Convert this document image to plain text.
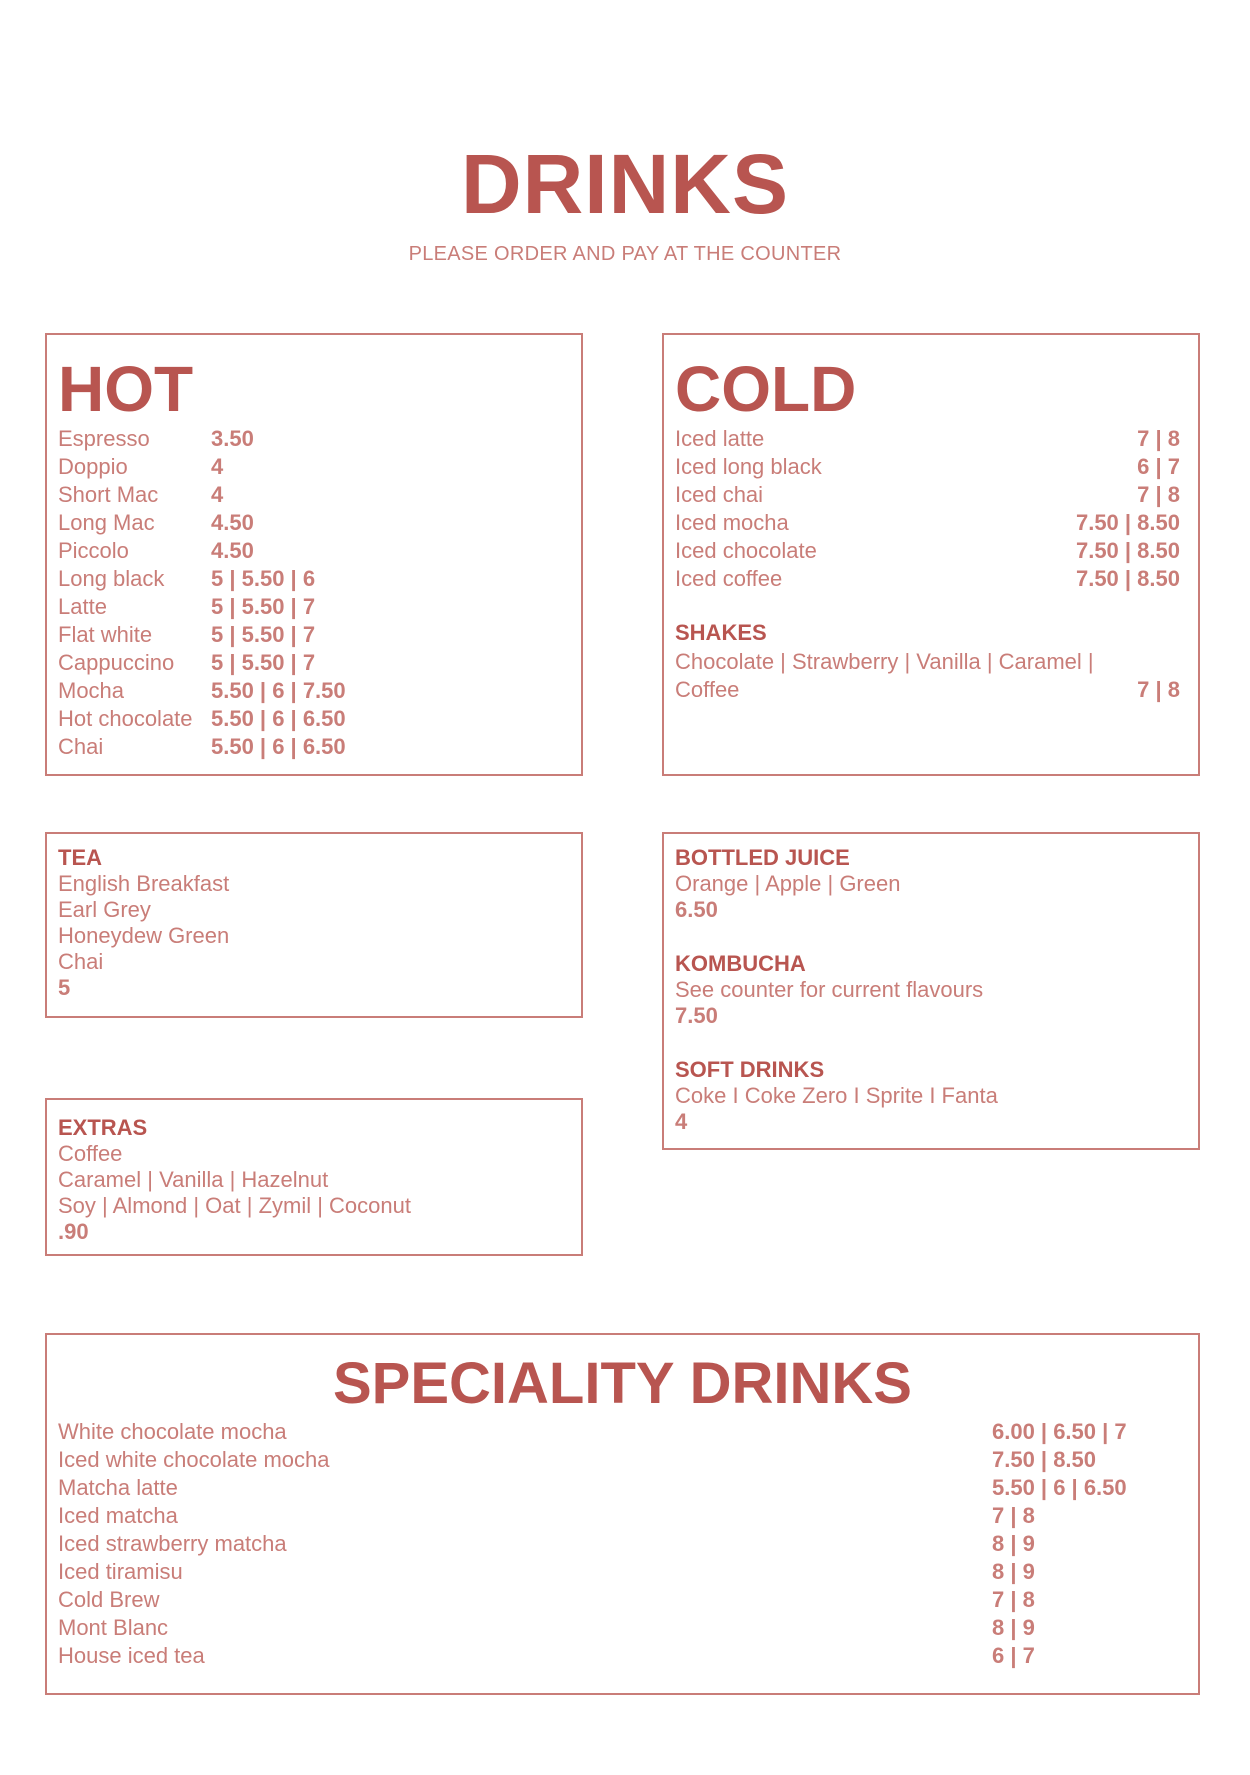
DRINKS
PLEASE ORDER AND PAY AT THE COUNTER
HOT
Espresso	3.50
Doppio	4
Short Mac 4
Long Mac	4.50
Piccolo	4.50
Long black 5 | 5.50 | 6
Latte	5 | 5.50 | 7
Flat white	5 | 5.50 | 7
Cappuccino 5 | 5.50 | 7
Mocha	5.50 | 6 | 7.50
Hot chocolate 5.50 | 6 | 6.50
Chai	5.50 | 6 | 6.50
COLD
Iced latte	7 | 8
Iced long black	6 | 7
Iced chai	7 | 8
Iced mocha	7.50 | 8.50
Iced chocolate	7.50 | 8.50
Iced coffee	7.50 | 8.50
SHAKES
Chocolate | Strawberry | Vanilla | Caramel |
Coffee	7 | 8
TEA
English Breakfast
Earl Grey
Honeydew Green
Chai
5
EXTRAS
Coffee
Caramel | Vanilla | Hazelnut
Soy | Almond | Oat | Zymil | Coconut
.90
BOTTLED JUICE
Orange | Apple | Green
6.50
KOMBUCHA
See counter for current flavours
7.50
SOFT DRINKS
Coke I Coke Zero I Sprite I Fanta
4
SPECIALITY DRINKS
White chocolate mocha	6.00 | 6.50 | 7
Iced white chocolate mocha	7.50 | 8.50
Matcha latte	5.50 | 6 | 6.50
Iced matcha	7 | 8
Iced strawberry matcha	8 | 9
Iced tiramisu	8 | 9
Cold Brew	7 | 8
Mont Blanc	8 | 9
House iced tea	6 | 7
